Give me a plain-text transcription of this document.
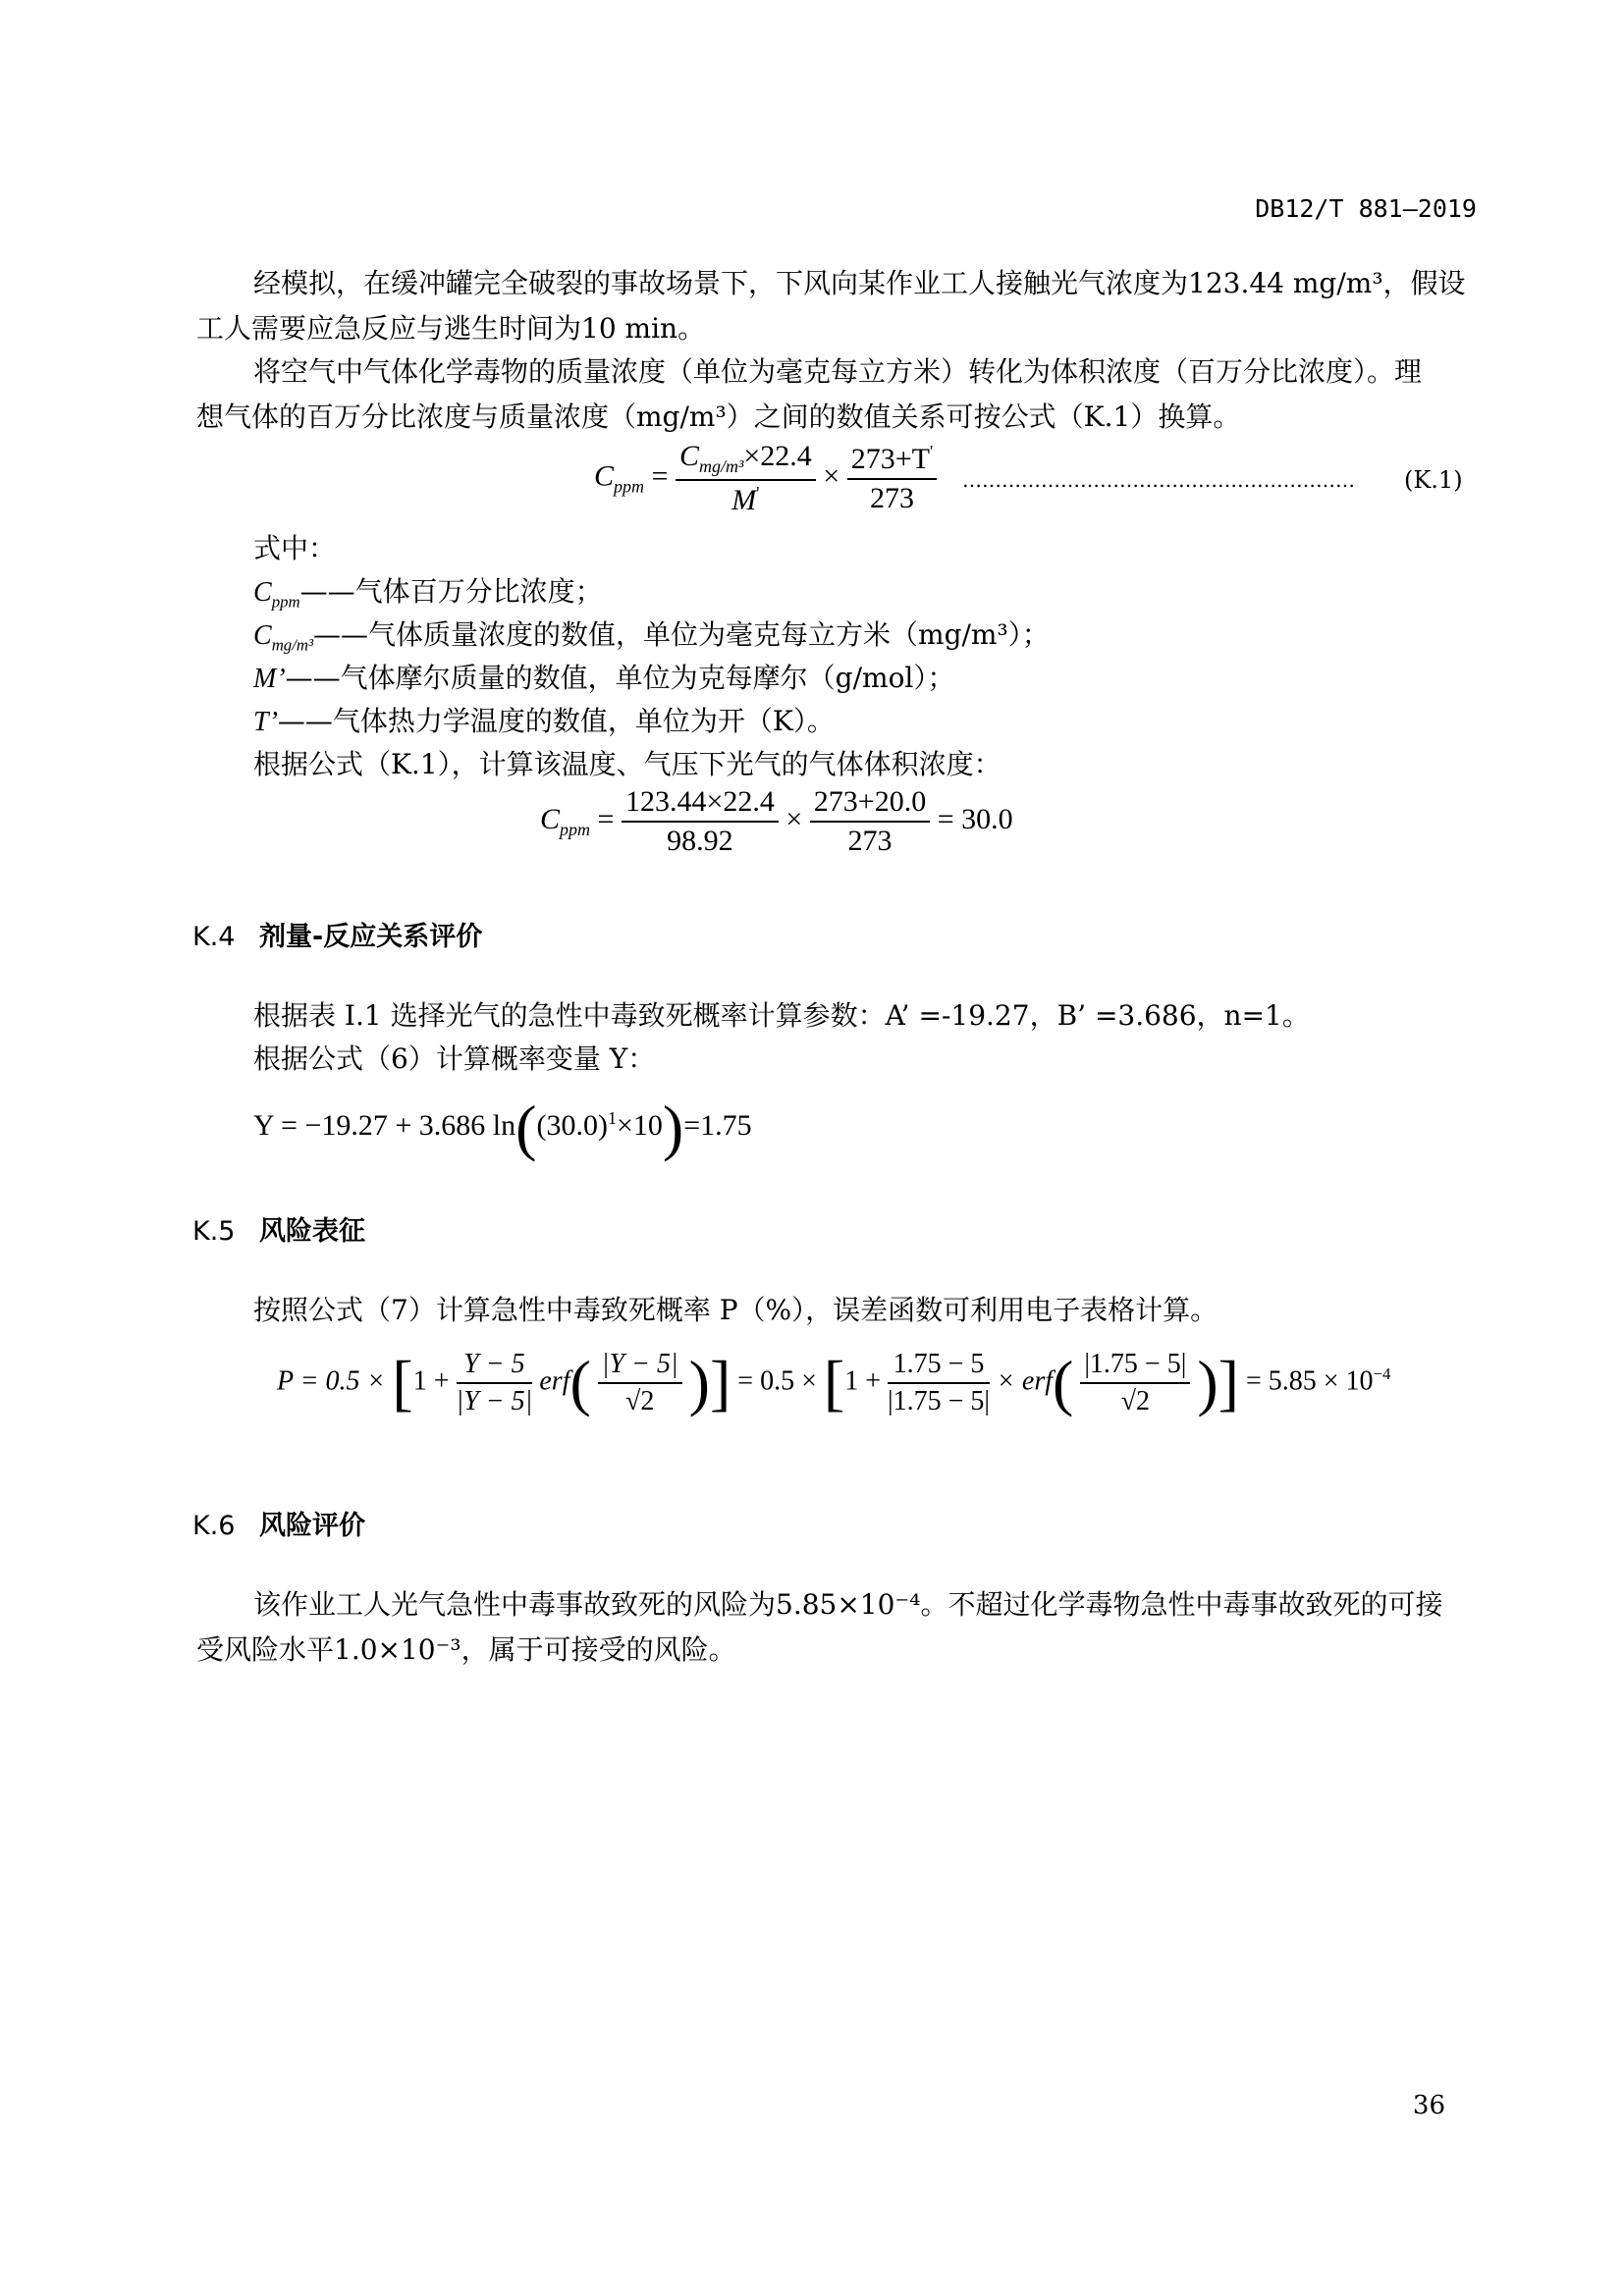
DB12/T 881—2019
经模拟，在缓冲罐完全破裂的事故场景下，下风向某作业工人接触光气浓度为123.44 mg/m³，假设
工人需要应急反应与逃生时间为10 min。
将空气中气体化学毒物的质量浓度（单位为毫克每立方米）转化为体积浓度（百万分比浓度）。理
想气体的百万分比浓度与质量浓度（mg/m³）之间的数值关系可按公式（K.1）换算。
$C_{ppm} = \frac{C_{mg/m^3}\times 22.4}{M'} \times \frac{273+T'}{273}$ …………………………………………………… (K.1)
式中：
$C_{ppm}——$气体百万分比浓度；
$C_{mg/m^3}——$气体质量浓度的数值，单位为毫克每立方米（mg/m³）；
M’——气体摩尔质量的数值，单位为克每摩尔（g/mol）；
T’——气体热力学温度的数值，单位为开（K）。
根据公式（K.1），计算该温度、气压下光气的气体体积浓度：
$C_{ppm} = \frac{123.44\times 22.4}{98.92} \times \frac{273+20.0}{273} = 30.0$
K.4 剂量-反应关系评价
根据表 I.1 选择光气的急性中毒致死概率计算参数：A’ =-19.27，B’ =3.686，n=1。
根据公式（6）计算概率变量 Y：
Y = −19.27 + 3.686 $\ln((30.0)^1\times 10)=1.75$
K.5 风险表征
按照公式（7）计算急性中毒致死概率 P（%），误差函数可利用电子表格计算。
$P = 0.5 \times [1 + \frac{Y - 5}{|Y - 5|} erf( \frac{|Y - 5|}{√2}$ )] = $0.5 \times [1 + \frac{1.75 - 5}{|1.75 - 5|} \times erf( \frac{|1.75 - 5|}{√2}$ )] = $5.85 \times 10^{-4}$
K.6 风险评价
该作业工人光气急性中毒事故致死的风险为5.85×10⁻⁴。不超过化学毒物急性中毒事故致死的可接
受风险水平1.0×10⁻³，属于可接受的风险。
36
